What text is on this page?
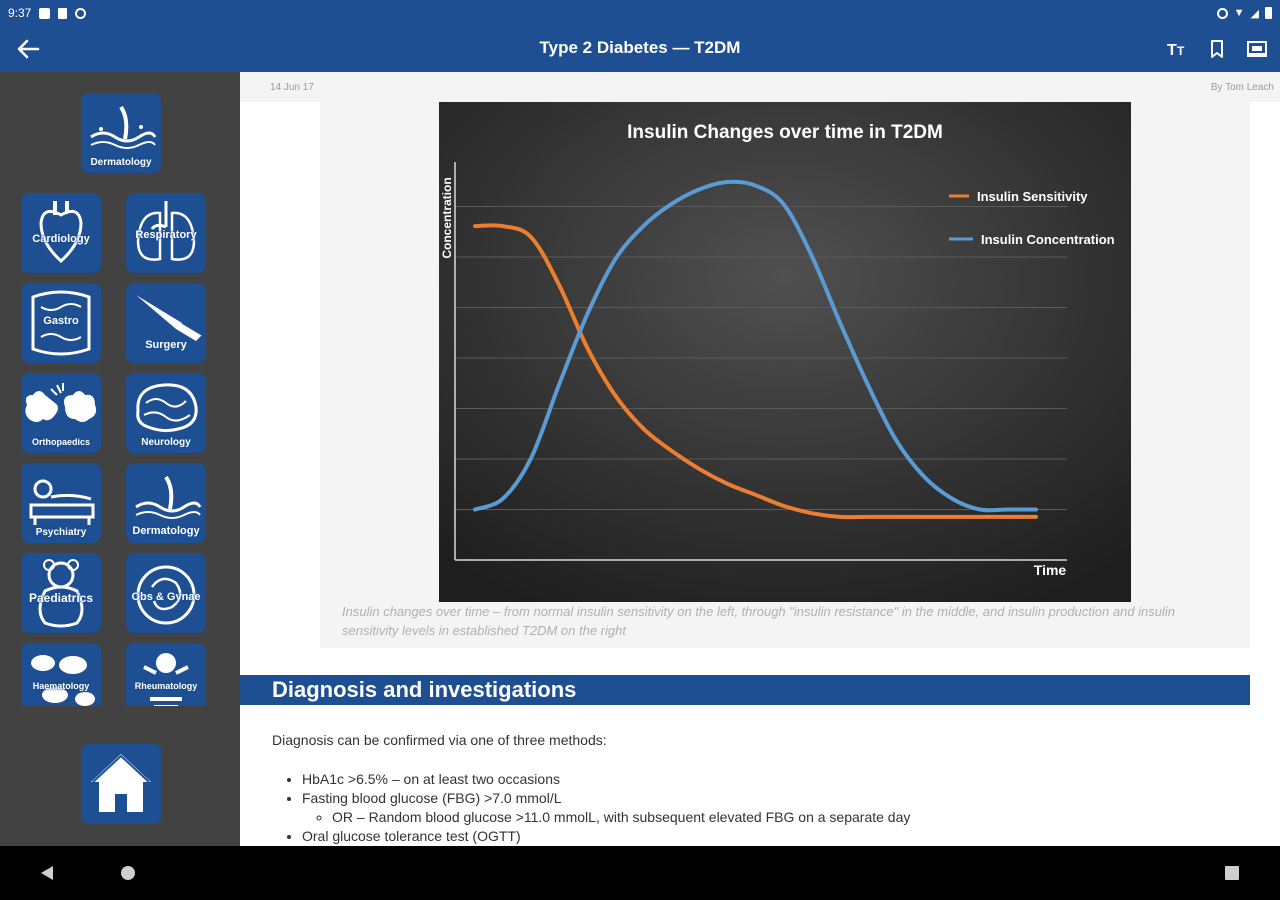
9:37	▼ ◢
Type 2 Diabetes — T2DM	T T
Dermatology
Cardiology	Respiratory
Gastro
Surgery
Orthopaedics	Neurology
Psychiatry	Dermatology
Paediatrics	Obs & Gynae
Haematology	Rheumatology
14 Jun 17	By Tom Leach
Insulin Changes over time in T2DM
Time
Concentration	Insulin Sensitivity
Insulin Concentration
Insulin changes over time – from normal insulin sensitivity on the left, through "insulin resistance" in the middle, and insulin production and insulin sensitivity levels in established T2DM on the right
Diagnosis and investigations

Diagnosis can be confirmed via one of three methods:

• HbA1c >6.5% – on at least two occasions
• Fasting blood glucose (FBG) >7.0 mmol/L
◦ OR – Random blood glucose >11.0 mmolL, with subsequent elevated FBG on a separate day
• Oral glucose tolerance test (OGTT)
